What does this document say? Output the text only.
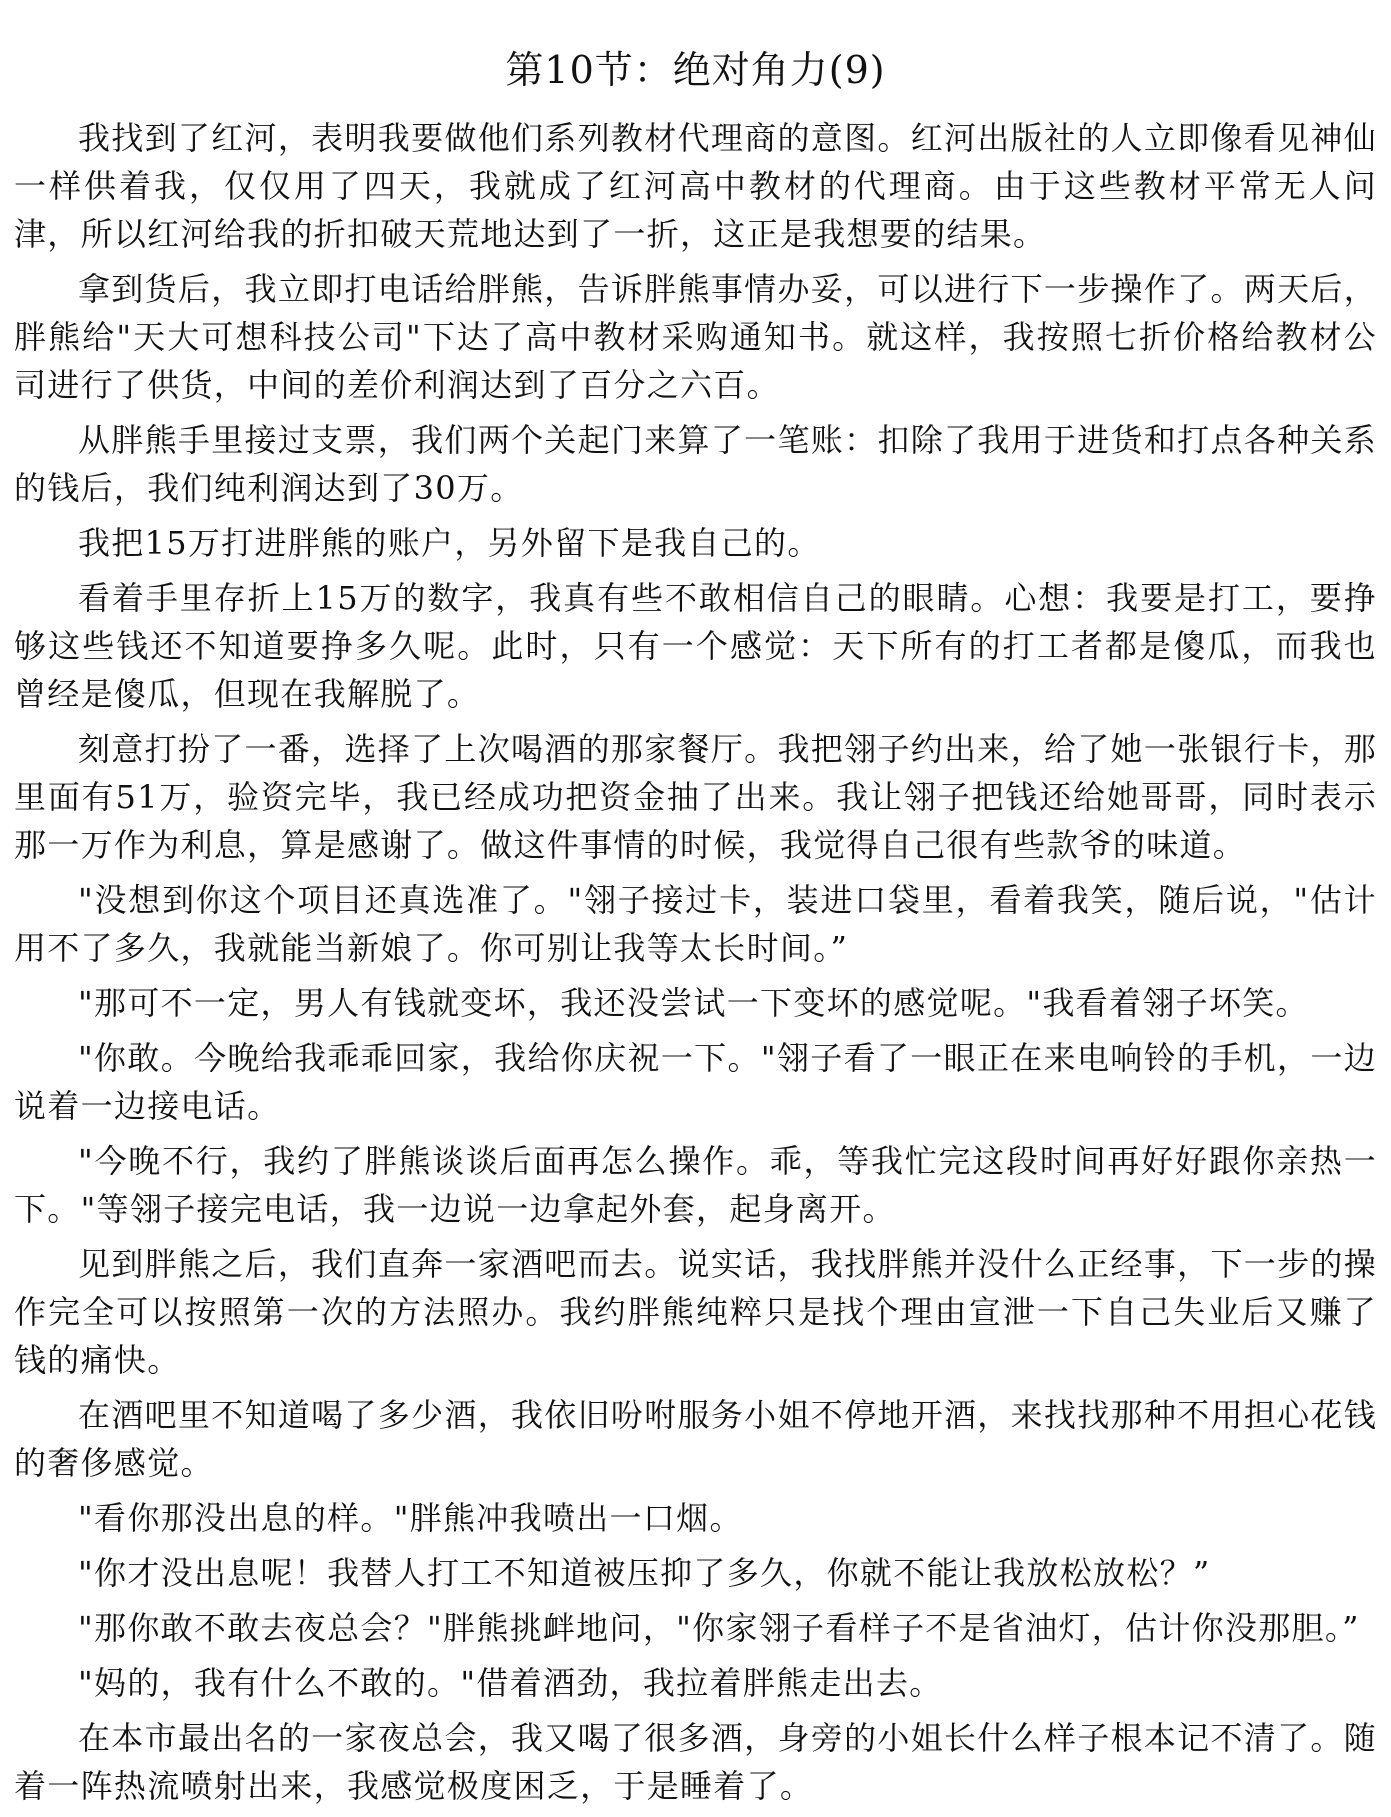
第10节：绝对角力(9)

我找到了红河，表明我要做他们系列教材代理商的意图。红河出版社的人立即像看见神仙一样供着我，仅仅用了四天，我就成了红河高中教材的代理商。由于这些教材平常无人问津，所以红河给我的折扣破天荒地达到了一折，这正是我想要的结果。

拿到货后，我立即打电话给胖熊，告诉胖熊事情办妥，可以进行下一步操作了。两天后，胖熊给"天大可想科技公司"下达了高中教材采购通知书。就这样，我按照七折价格给教材公司进行了供货，中间的差价利润达到了百分之六百。

从胖熊手里接过支票，我们两个关起门来算了一笔账：扣除了我用于进货和打点各种关系的钱后，我们纯利润达到了30万。

我把15万打进胖熊的账户，另外留下是我自己的。

看着手里存折上15万的数字，我真有些不敢相信自己的眼睛。心想：我要是打工，要挣够这些钱还不知道要挣多久呢。此时，只有一个感觉：天下所有的打工者都是傻瓜，而我也曾经是傻瓜，但现在我解脱了。

刻意打扮了一番，选择了上次喝酒的那家餐厅。我把翎子约出来，给了她一张银行卡，那里面有51万，验资完毕，我已经成功把资金抽了出来。我让翎子把钱还给她哥哥，同时表示那一万作为利息，算是感谢了。做这件事情的时候，我觉得自己很有些款爷的味道。

"没想到你这个项目还真选准了。"翎子接过卡，装进口袋里，看着我笑，随后说，"估计用不了多久，我就能当新娘了。你可别让我等太长时间。”

"那可不一定，男人有钱就变坏，我还没尝试一下变坏的感觉呢。"我看着翎子坏笑。

"你敢。今晚给我乖乖回家，我给你庆祝一下。"翎子看了一眼正在来电响铃的手机，一边说着一边接电话。

"今晚不行，我约了胖熊谈谈后面再怎么操作。乖，等我忙完这段时间再好好跟你亲热一下。"等翎子接完电话，我一边说一边拿起外套，起身离开。

见到胖熊之后，我们直奔一家酒吧而去。说实话，我找胖熊并没什么正经事，下一步的操作完全可以按照第一次的方法照办。我约胖熊纯粹只是找个理由宣泄一下自己失业后又赚了钱的痛快。

在酒吧里不知道喝了多少酒，我依旧吩咐服务小姐不停地开酒，来找找那种不用担心花钱的奢侈感觉。

"看你那没出息的样。"胖熊冲我喷出一口烟。

"你才没出息呢！我替人打工不知道被压抑了多久，你就不能让我放松放松？”

"那你敢不敢去夜总会？"胖熊挑衅地问，"你家翎子看样子不是省油灯，估计你没那胆。”

"妈的，我有什么不敢的。"借着酒劲，我拉着胖熊走出去。

在本市最出名的一家夜总会，我又喝了很多酒，身旁的小姐长什么样子根本记不清了。随着一阵热流喷射出来，我感觉极度困乏，于是睡着了。
